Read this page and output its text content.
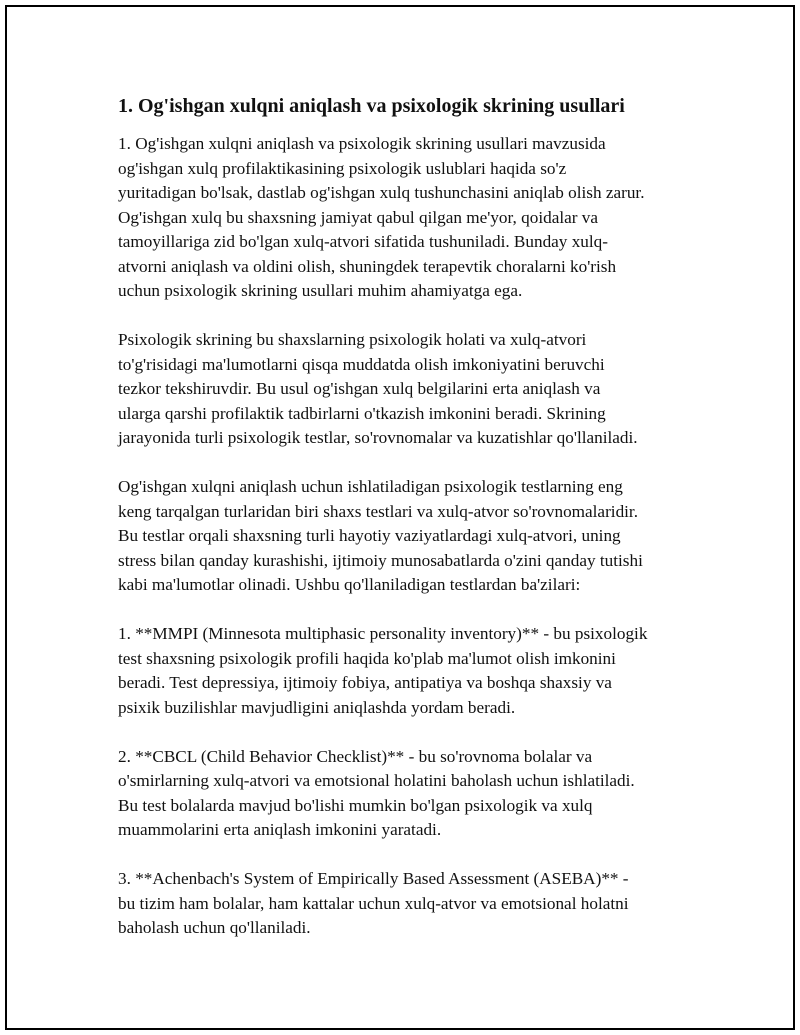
1. Og'ishgan xulqni aniqlash va psixologik skrining usullari
1. Og'ishgan xulqni aniqlash va psixologik skrining usullari mavzusida
og'ishgan xulq profilaktikasining psixologik uslublari haqida so'z
yuritadigan bo'lsak, dastlab og'ishgan xulq tushunchasini aniqlab olish zarur.
Og'ishgan xulq bu shaxsning jamiyat qabul qilgan me'yor, qoidalar va
tamoyillariga zid bo'lgan xulq-atvori sifatida tushuniladi. Bunday xulq-
atvorni aniqlash va oldini olish, shuningdek terapevtik choralarni ko'rish
uchun psixologik skrining usullari muhim ahamiyatga ega.
Psixologik skrining bu shaxslarning psixologik holati va xulq-atvori
to'g'risidagi ma'lumotlarni qisqa muddatda olish imkoniyatini beruvchi
tezkor tekshiruvdir. Bu usul og'ishgan xulq belgilarini erta aniqlash va
ularga qarshi profilaktik tadbirlarni o'tkazish imkonini beradi. Skrining
jarayonida turli psixologik testlar, so'rovnomalar va kuzatishlar qo'llaniladi.
Og'ishgan xulqni aniqlash uchun ishlatiladigan psixologik testlarning eng
keng tarqalgan turlaridan biri shaxs testlari va xulq-atvor so'rovnomalaridir.
Bu testlar orqali shaxsning turli hayotiy vaziyatlardagi xulq-atvori, uning
stress bilan qanday kurashishi, ijtimoiy munosabatlarda o'zini qanday tutishi
kabi ma'lumotlar olinadi. Ushbu qo'llaniladigan testlardan ba'zilari:
1. **MMPI (Minnesota multiphasic personality inventory)** - bu psixologik
test shaxsning psixologik profili haqida ko'plab ma'lumot olish imkonini
beradi. Test depressiya, ijtimoiy fobiya, antipatiya va boshqa shaxsiy va
psixik buzilishlar mavjudligini aniqlashda yordam beradi.
2. **CBCL (Child Behavior Checklist)** - bu so'rovnoma bolalar va
o'smirlarning xulq-atvori va emotsional holatini baholash uchun ishlatiladi.
Bu test bolalarda mavjud bo'lishi mumkin bo'lgan psixologik va xulq
muammolarini erta aniqlash imkonini yaratadi.
3. **Achenbach's System of Empirically Based Assessment (ASEBA)** -
bu tizim ham bolalar, ham kattalar uchun xulq-atvor va emotsional holatni
baholash uchun qo'llaniladi.
